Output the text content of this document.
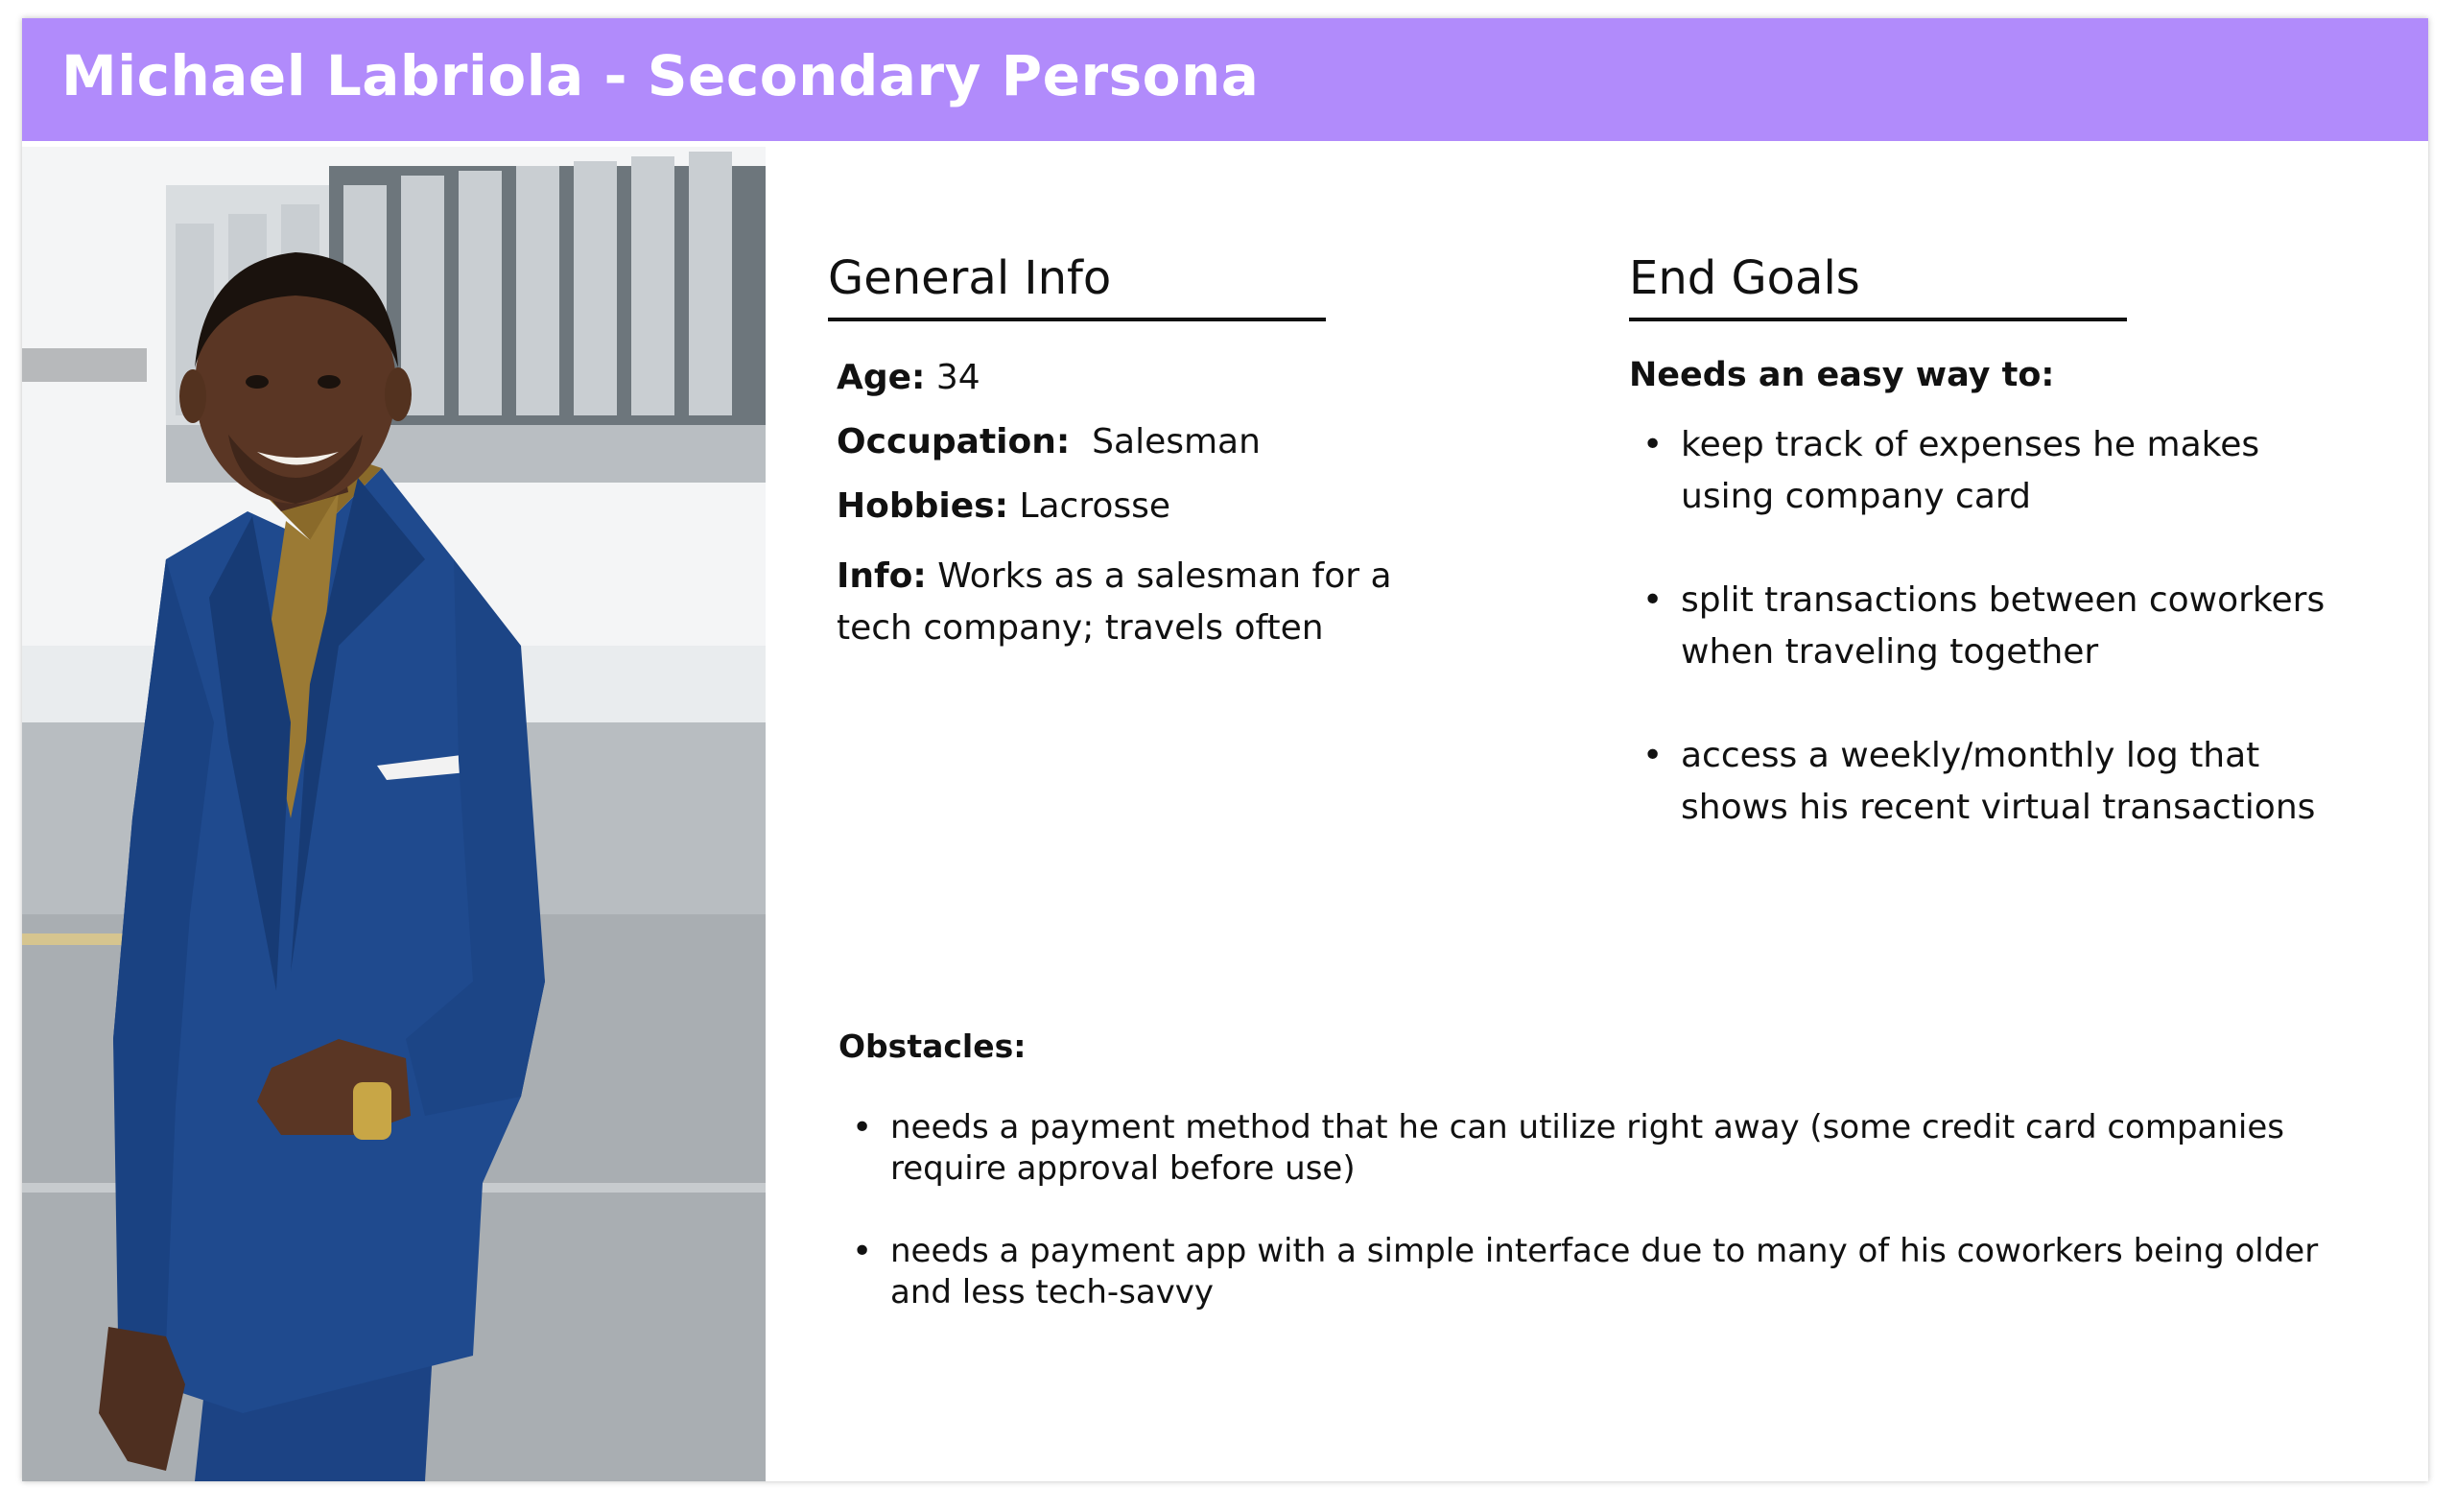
Michael Labriola - Secondary Persona
General Info
Age: 34
Occupation: Salesman
Hobbies: Lacrosse
Info: Works as a salesman for a tech company; travels often
End Goals
Needs an easy way to:
• keep track of expenses he makes using company card
• split transactions between coworkers when traveling together
• access a weekly/monthly log that shows his recent virtual transactions
Obstacles:
• needs a payment method that he can utilize right away (some credit card companies require approval before use)
• needs a payment app with a simple interface due to many of his coworkers being older and less tech-savvy
